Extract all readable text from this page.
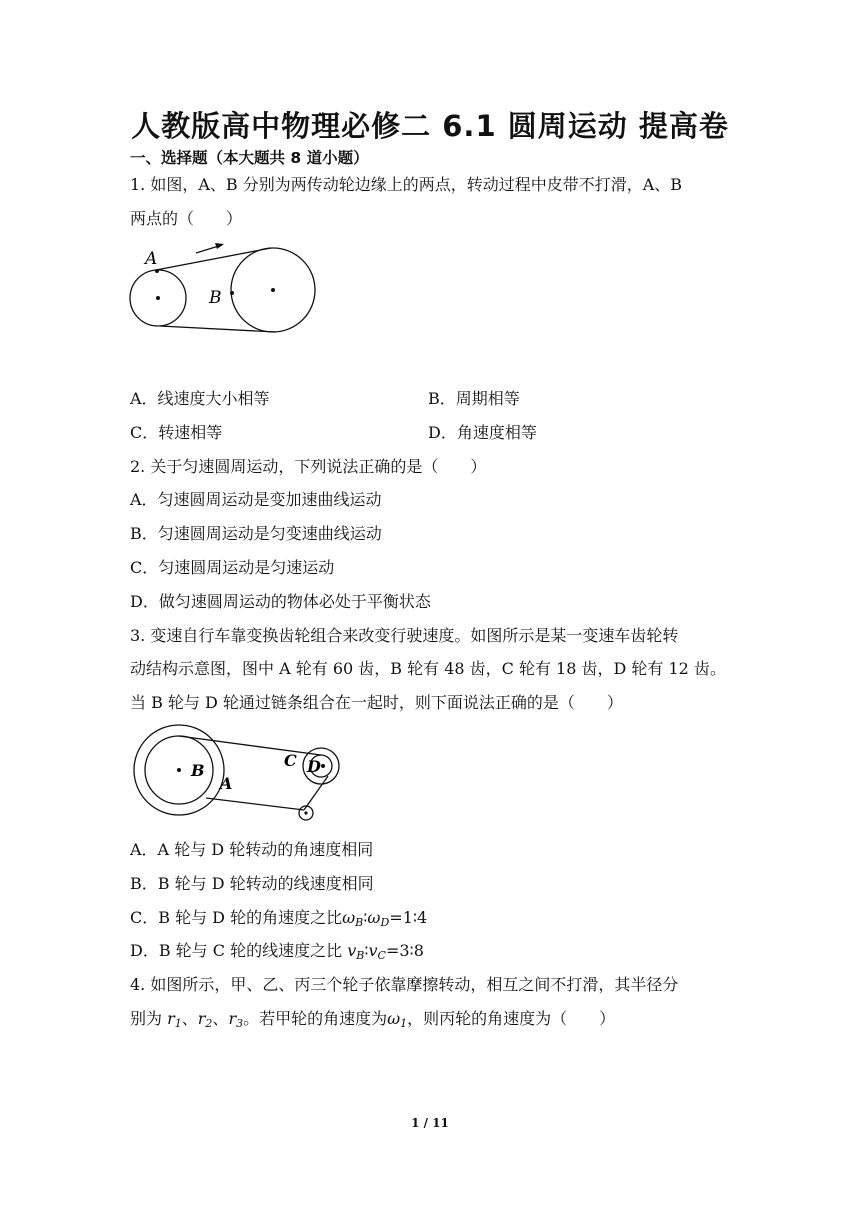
人教版高中物理必修二 6.1 圆周运动 提高卷
一、选择题（本大题共 8 道小题）
1. 如图，A、B 分别为两传动轮边缘上的两点，转动过程中皮带不打滑，A、B
两点的（　　）
A
B
A．线速度大小相等	B．周期相等
C．转速相等	D．角速度相等
2. 关于匀速圆周运动，下列说法正确的是（　　）
A．匀速圆周运动是变加速曲线运动
B．匀速圆周运动是匀变速曲线运动
C．匀速圆周运动是匀速运动
D．做匀速圆周运动的物体必处于平衡状态
3. 变速自行车靠变换齿轮组合来改变行驶速度。如图所示是某一变速车齿轮转
动结构示意图，图中 A 轮有 60 齿，B 轮有 48 齿，C 轮有 18 齿，D 轮有 12 齿。
当 B 轮与 D 轮通过链条组合在一起时，则下面说法正确的是（　　）
B
A
C D
A．A 轮与 D 轮转动的角速度相同
B．B 轮与 D 轮转动的线速度相同
C．B 轮与 D 轮的角速度之比$\omega_B∶\omega_D=1∶4$
D．B 轮与 C 轮的线速度之比 $v_B∶v_C=3∶8$
4. 如图所示，甲、乙、丙三个轮子依靠摩擦转动，相互之间不打滑，其半径分
别为 $r_1$、$r_2$、$r_3$。若甲轮的角速度为$\omega_1$，则丙轮的角速度为（　　）
1 / 11
